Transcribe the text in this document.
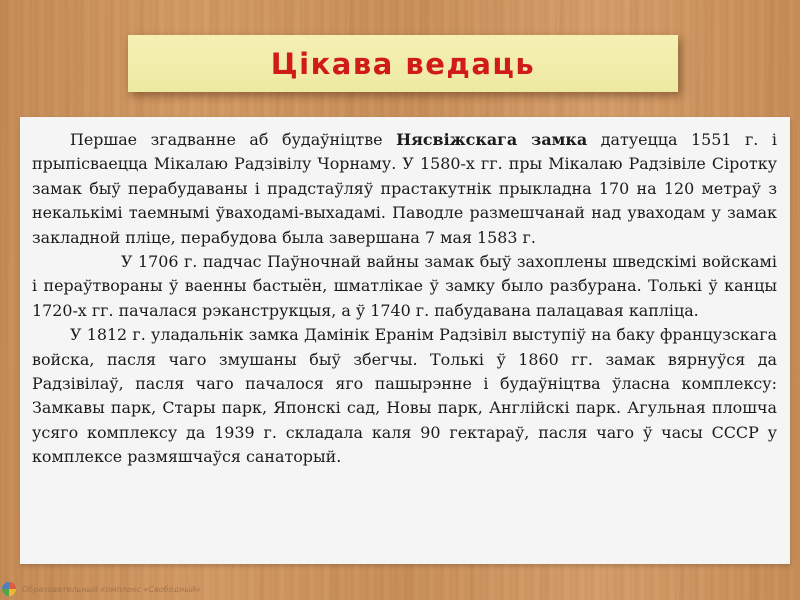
Цікава ведаць

Першае згадванне аб будаўніцтве Нясвіжскага замка датуецца 1551 г. і прыпісваецца Мікалаю Радзівілу Чорнаму. У 1580-х гг. пры Мікалаю Радзівіле Сіротку замак быў перабудаваны і прадстаўляў прастакутнік прыкладна 170 на 120 метраў з некалькімі таемнымі ўваходамі-выхадамі. Паводле размешчанай над уваходам у замак закладной пліце, перабудова была завершана 7 мая 1583 г.

У 1706 г. падчас Паўночнай вайны замак быў захоплены шведскімі войскамі і пераўтвораны ў ваенны бастыён, шматлікае ў замку было разбурана. Толькі ў канцы 1720-х гг. пачалася рэканструкцыя, а ў 1740 г. пабудавана палацавая капліца.

У 1812 г. уладальнік замка Дамінік Еранім Радзівіл выступіў на баку французскага войска, пасля чаго змушаны быў збегчы. Толькі ў 1860 гг. замак вярнуўся да Радзівілаў, пасля чаго пачалося яго пашырэнне і будаўніцтва ўласна комплексу: Замкавы парк, Стары парк, Японскі сад, Новы парк, Англійскі парк. Агульная плошча усяго комплексу да 1939 г. складала каля 90 гектараў, пасля чаго ў часы СССР у комплексе размяшчаўся санаторый.

Образовательный комплекс «Свободный»
